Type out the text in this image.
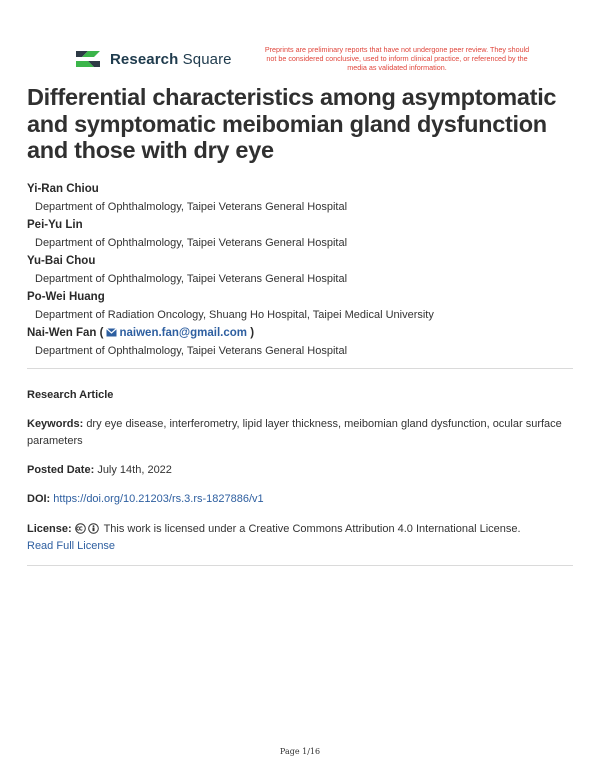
Research Square
Preprints are preliminary reports that have not undergone peer review. They should not be considered conclusive, used to inform clinical practice, or referenced by the media as validated information.
Differential characteristics among asymptomatic and symptomatic meibomian gland dysfunction and those with dry eye
Yi-Ran Chiou
Department of Ophthalmology, Taipei Veterans General Hospital
Pei-Yu Lin
Department of Ophthalmology, Taipei Veterans General Hospital
Yu-Bai Chou
Department of Ophthalmology, Taipei Veterans General Hospital
Po-Wei Huang
Department of Radiation Oncology, Shuang Ho Hospital, Taipei Medical University
Nai-Wen Fan ( naiwen.fan@gmail.com )
Department of Ophthalmology, Taipei Veterans General Hospital
Research Article
Keywords: dry eye disease, interferometry, lipid layer thickness, meibomian gland dysfunction, ocular surface parameters
Posted Date: July 14th, 2022
DOI: https://doi.org/10.21203/rs.3.rs-1827886/v1
License:	This work is licensed under a Creative Commons Attribution 4.0 International License.
Read Full License
Page 1/16
